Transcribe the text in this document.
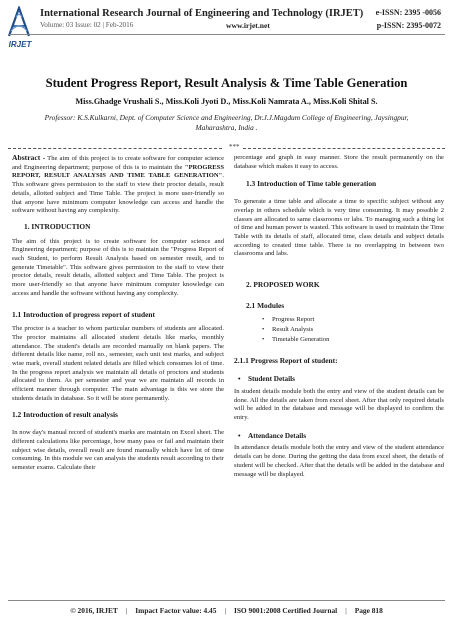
IRJET
International Research Journal of Engineering and Technology (IRJET)
Volume: 03 Issue: 02 | Feb-2016	www.irjet.net
e-ISSN: 2395 -0056
p-ISSN: 2395-0072
Student Progress Report, Result Analysis & Time Table Generation
Miss.Ghadge Vrushali S., Miss.Koli Jyoti D., Miss.Koli Namrata A., Miss.Koli Shital S.
Professor: K.S.Kulkarni, Dept. of Computer Science and Engineering, Dr.J.J.Magdum College of Engineering, Jaysingpur, Maharashtra, India .
***

Abstract - The aim of this project is to create software for computer science and Engineering department; purpose of this is to maintain the "PROGRESS REPORT, RESULT ANALYSIS AND TIME TABLE GENERATION". This software gives permission to the staff to view their proctor details, result details, allotted subject and Time Table. The project is more user-friendly so that anyone have minimum computer knowledge can access and handle the software without having any complexity.

1. INTRODUCTION

The aim of this project is to create software for computer science and Engineering department; purpose of this is to maintain the "Progress Report of each Student, to perform Result Analysis based on semester result, and to generate Timetable". This software gives permission to the staff to view their proctor details, result details, allotted subject and Time Table. The project is more user-friendly so that anyone have minimum computer knowledge can access and handle the software without having any complexity.

1.1 Introduction of progress report of student

The proctor is a teacher to whom particular numbers of students are allocated. The proctor maintains all allocated student details like marks, monthly attendance. The student's details are recorded manually on blank papers. The different details like name, roll no., semester, each unit test marks, and subject wise mark, overall student related details are filled which consumes lot of time. In the progress report analysis we maintain all details of proctors and students allocated to them. As per semester and year we are maintain all records in efficient manner through computer. The main advantage is this we store the students details in database. So it will be store permanently.

1.2 Introduction of result analysis

In now day's manual record of student's marks are maintain on Excel sheet. The different calculations like percentage, how many pass or fail and maintain their subject wise details, overall result are found manually which have lot of time consuming. In this module we can analysis the students result according to their semester exams. Calculate their

percentage and graph in easy manner. Store the result permanently on the database which makes it easy to access.

1.3 Introduction of Time table generation

To generate a time table and allocate a time to specific subject without any overlap in others schedule which is very time consuming. It may possible 2 classes are allocated to same classrooms or labs. To managing such a thing lot of time and human power is wasted. This software is used to maintain the Time Table with its details of staff, allocated time, class details and subject details according to created time table. There is no overlapping in between two classrooms and labs.

2. PROPOSED WORK
2.1 Modules
• Progress Report
• Result Analysis
• Timetable Generation
2.1.1 Progress Report of student:
• Student Details

In student details module both the entry and view of the student details can be done. All the details are taken from excel sheet. After that only required details will be added in the database and message will be displayed to confirm the entry.

• Attendance Details

In attendance details module both the entry and view of the student attendance details can be done. During the getting the data from excel sheet, the details of student will be checked. After that the details will be added in the database and message will be displayed.

© 2016, IRJET | Impact Factor value: 4.45 | ISO 9001:2008 Certified Journal | Page 818
